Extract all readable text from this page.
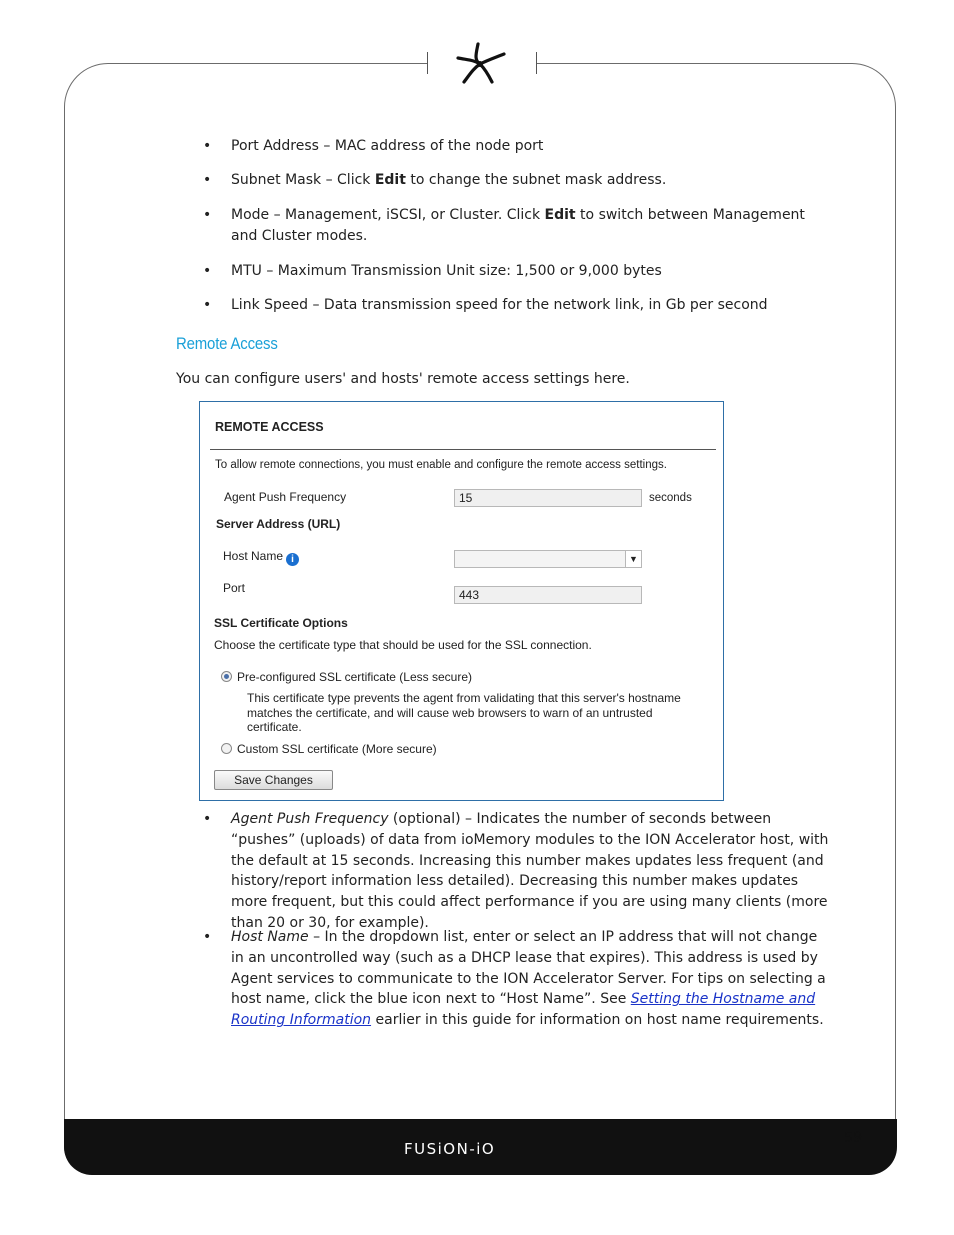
• Port Address – MAC address of the node port
• Subnet Mask – Click Edit to change the subnet mask address.
• Mode – Management, iSCSI, or Cluster. Click Edit to switch between Management and Cluster modes.
• MTU – Maximum Transmission Unit size: 1,500 or 9,000 bytes
• Link Speed – Data transmission speed for the network link, in Gb per second
Remote Access
You can configure users' and hosts' remote access settings here.
REMOTE ACCESS
To allow remote connections, you must enable and configure the remote access settings.
Agent Push Frequency	15	seconds
Server Address (URL)
Host Name i	▼
Port	443
SSL Certificate Options
Choose the certificate type that should be used for the SSL connection.
Pre-configured SSL certificate (Less secure)
This certificate type prevents the agent from validating that this server's hostname matches the certificate, and will cause web browsers to warn of an untrusted certificate.
Custom SSL certificate (More secure)
Save Changes
• Agent Push Frequency (optional) – Indicates the number of seconds between “pushes” (uploads) of data from ioMemory modules to the ION Accelerator host, with the default at 15 seconds. Increasing this number makes updates less frequent (and history/report information less detailed). Decreasing this number makes updates more frequent, but this could affect performance if you are using many clients (more than 20 or 30, for example).
• Host Name – In the dropdown list, enter or select an IP address that will not change in an uncontrolled way (such as a DHCP lease that expires). This address is used by Agent services to communicate to the ION Accelerator Server. For tips on selecting a host name, click the blue icon next to “Host Name”. See Setting the Hostname and Routing Information earlier in this guide for information on host name requirements.
FUSiON-iO
59
